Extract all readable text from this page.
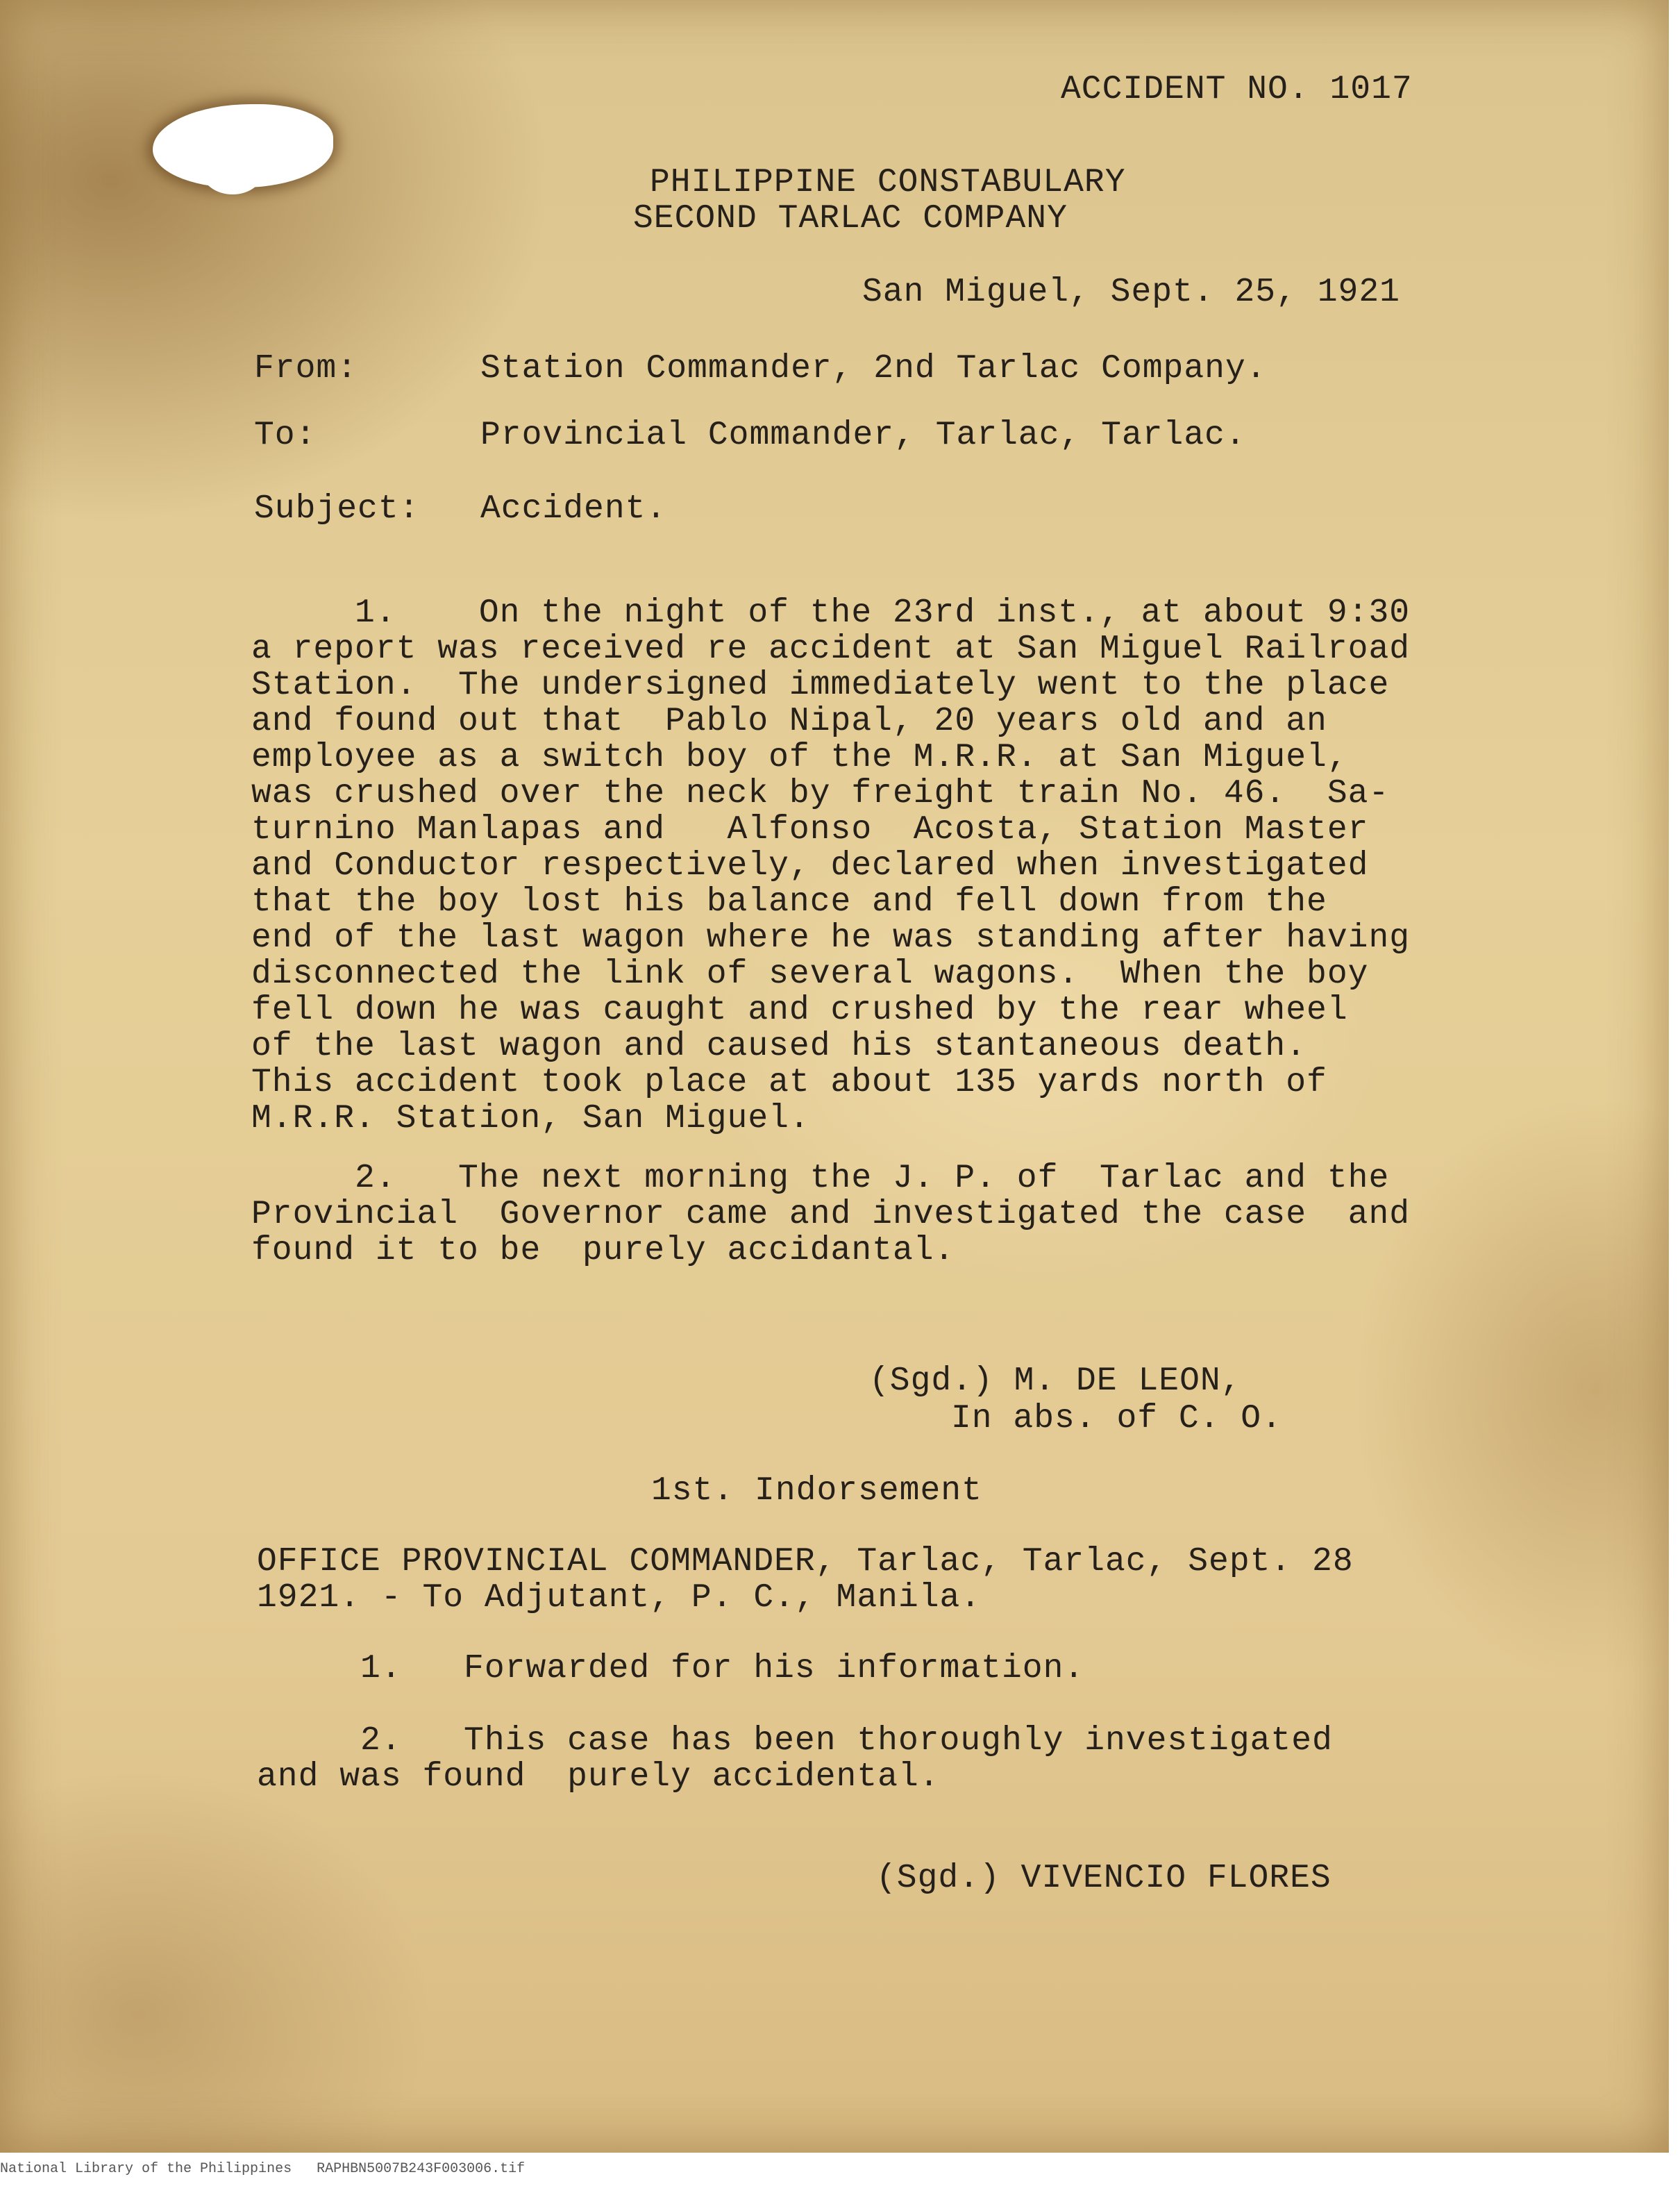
ACCIDENT NO. 1017

PHILIPPINE CONSTABULARY

SECOND TARLAC COMPANY

San Miguel, Sept. 25, 1921

From:	Station Commander, 2nd Tarlac Company.

To:	Provincial Commander, Tarlac, Tarlac.

Subject: Accident.

1.    On the night of the 23rd inst., at about 9:30

a report was received re accident at San Miguel Railroad

Station.  The undersigned immediately went to the place

and found out that  Pablo Nipal, 20 years old and an

employee as a switch boy of the M.R.R. at San Miguel,

was crushed over the neck by freight train No. 46.  Sa-

turnino Manlapas and   Alfonso  Acosta, Station Master

and Conductor respectively, declared when investigated

that the boy lost his balance and fell down from the

end of the last wagon where he was standing after having

disconnected the link of several wagons.  When the boy

fell down he was caught and crushed by the rear wheel

of the last wagon and caused his stantaneous death.

This accident took place at about 135 yards north of

M.R.R. Station, San Miguel.

2.   The next morning the J. P. of  Tarlac and the

Provincial  Governor came and investigated the case  and

found it to be  purely accidantal.

(Sgd.) M. DE LEON,

In abs. of C. O.

1st. Indorsement

OFFICE PROVINCIAL COMMANDER, Tarlac, Tarlac, Sept. 28

1921. - To Adjutant, P. C., Manila.

1.   Forwarded for his information.

2.   This case has been thoroughly investigated

and was found  purely accidental.

(Sgd.) VIVENCIO FLORES

National Library of the Philippines   RAPHBN5007B243F003006.tif
